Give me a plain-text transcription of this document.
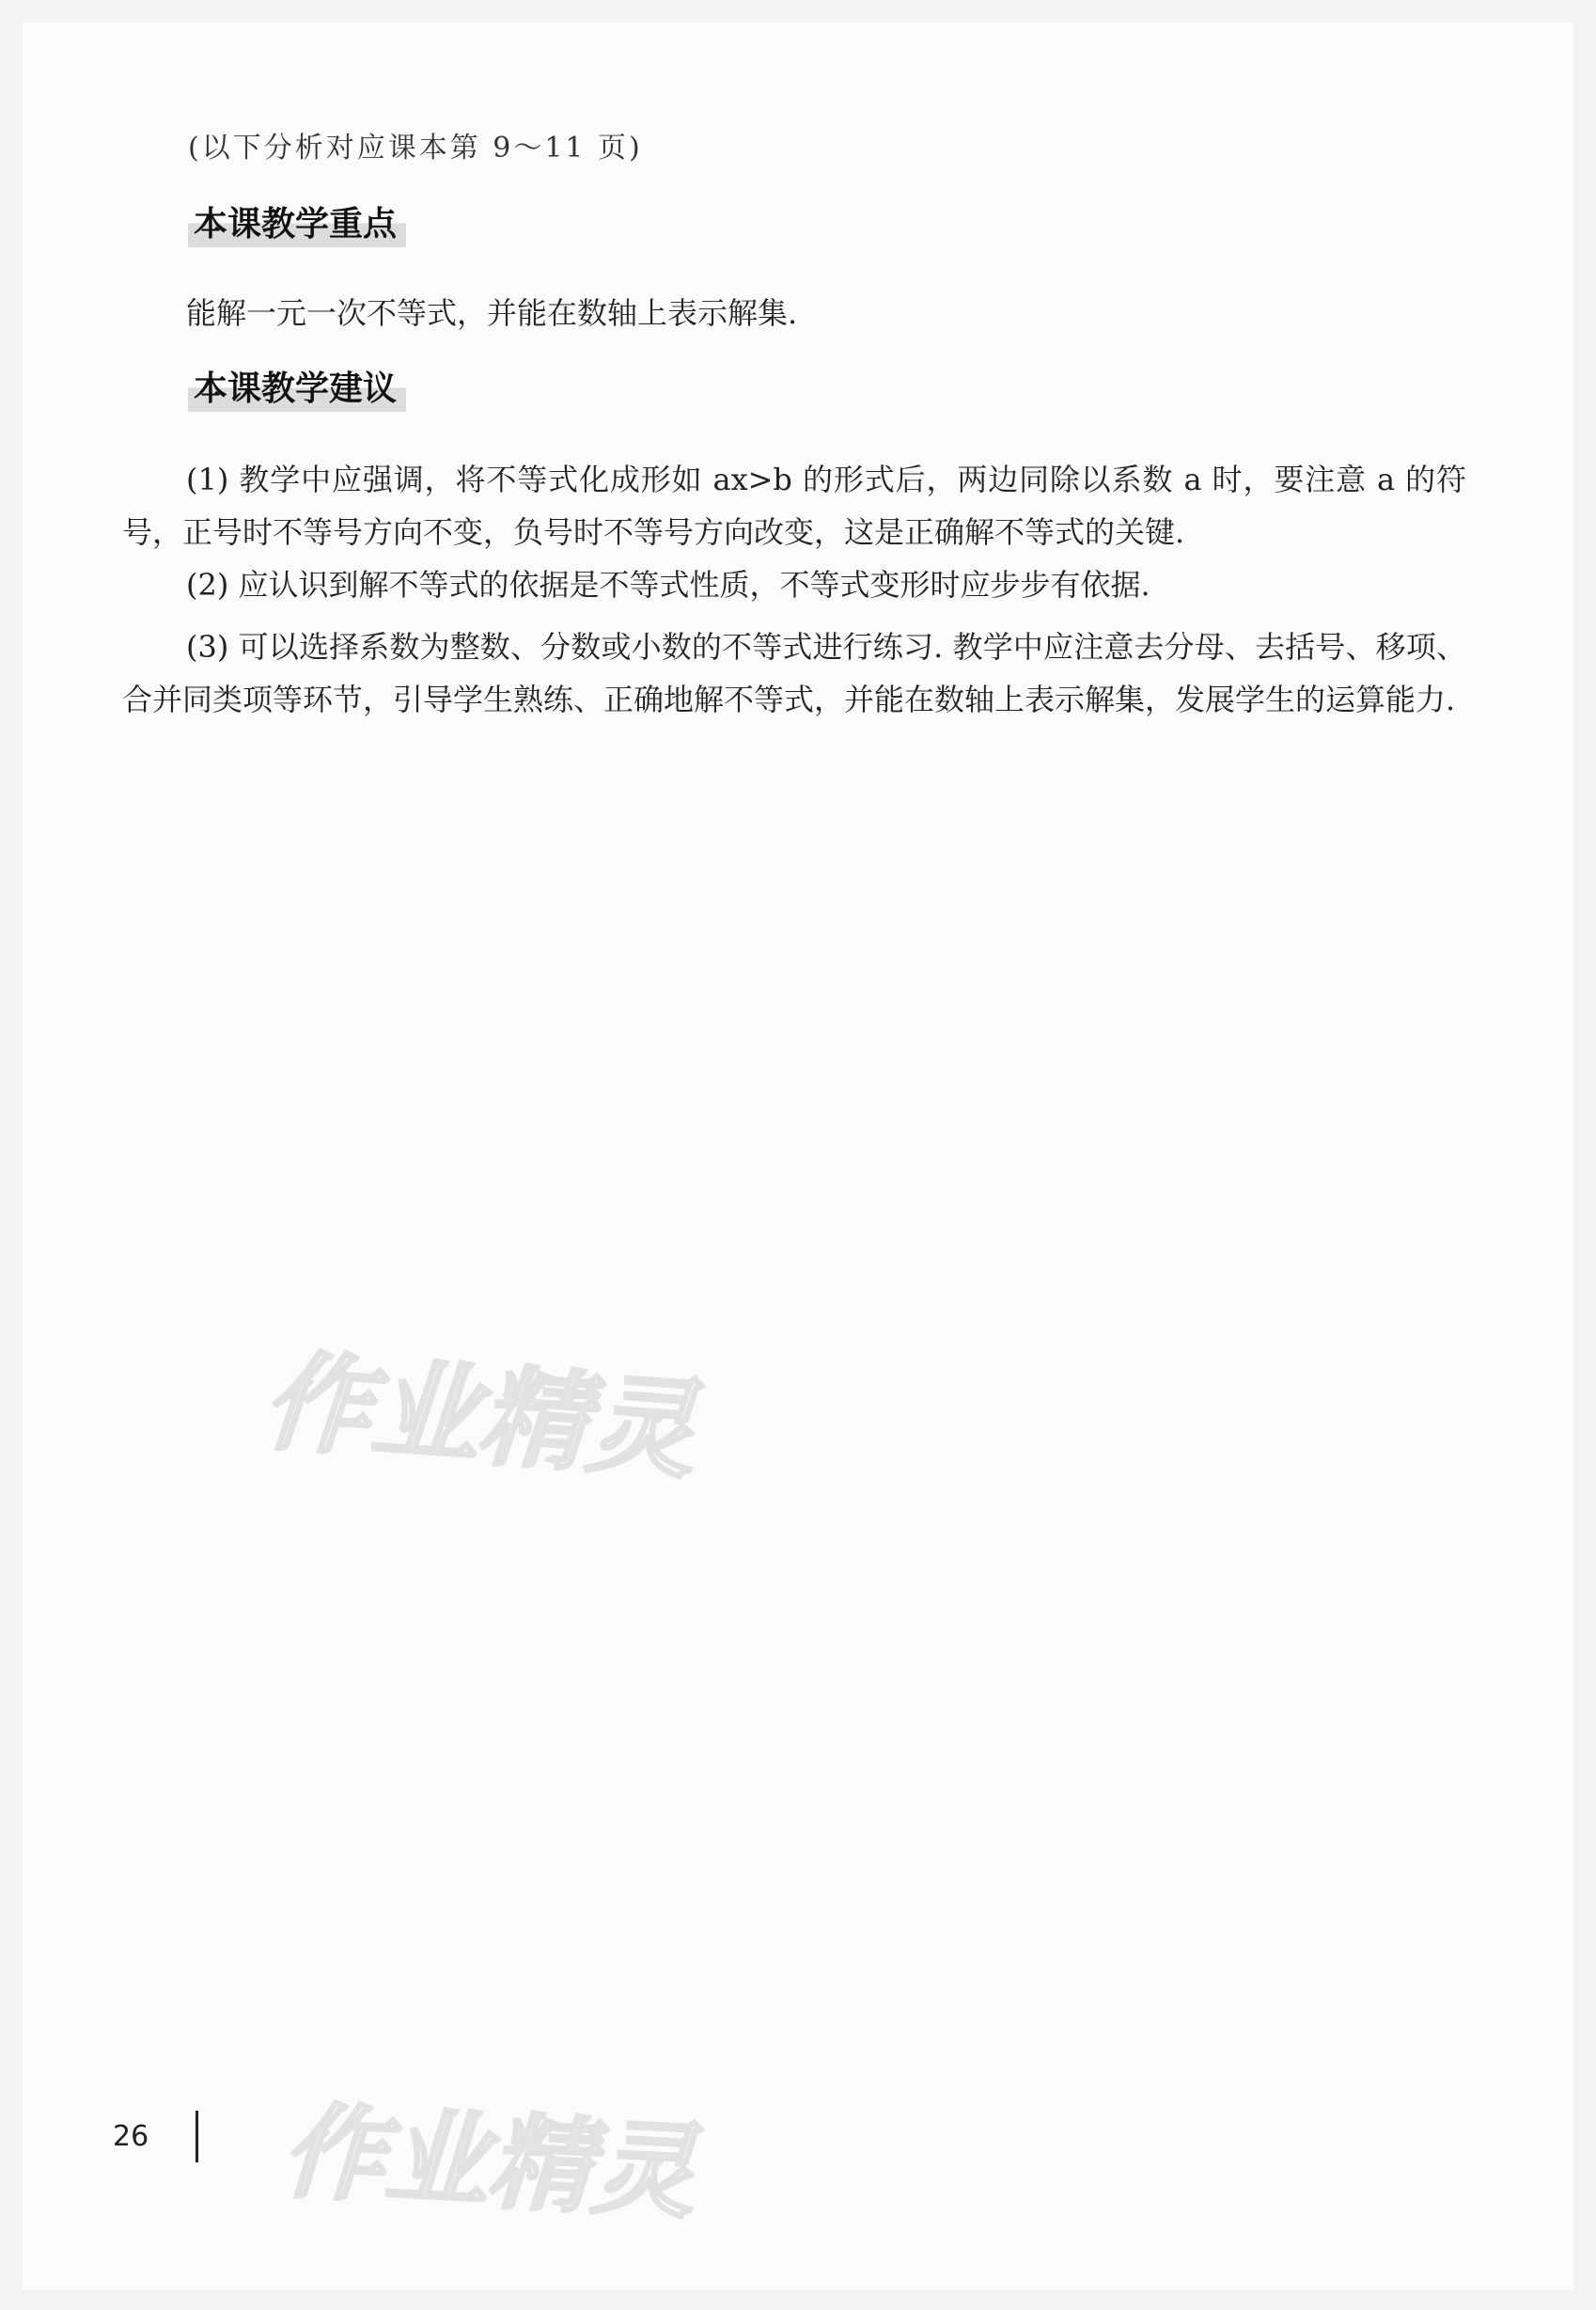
(以下分析对应课本第 9～11 页)
本课教学重点
能解一元一次不等式，并能在数轴上表示解集.
本课教学建议
(1) 教学中应强调，将不等式化成形如 ax>b 的形式后，两边同除以系数 a 时，要注意 a 的符号，正号时不等号方向不变，负号时不等号方向改变，这是正确解不等式的关键.
(2) 应认识到解不等式的依据是不等式性质，不等式变形时应步步有依据.
(3) 可以选择系数为整数、分数或小数的不等式进行练习. 教学中应注意去分母、去括号、移项、合并同类项等环节，引导学生熟练、正确地解不等式，并能在数轴上表示解集，发展学生的运算能力.
作业精灵
作业精灵
26
